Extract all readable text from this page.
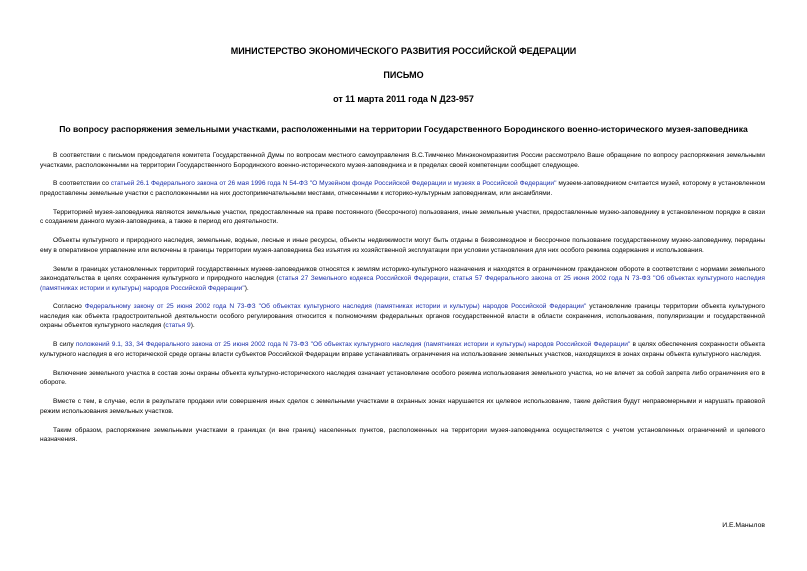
МИНИСТЕРСТВО ЭКОНОМИЧЕСКОГО РАЗВИТИЯ РОССИЙСКОЙ ФЕДЕРАЦИИ
ПИСЬМО
от 11 марта 2011 года N Д23-957
По вопросу распоряжения земельными участками, расположенными на территории Государственного Бородинского военно-исторического музея-заповедника

В соответствии с письмом председателя комитета Государственной Думы по вопросам местного самоуправления В.С.Тимченко Минэкономразвития России рассмотрело Ваше обращение по вопросу распоряжения земельными участками, расположенными на территории Государственного Бородинского военно-исторического музея-заповедника и в пределах своей компетенции сообщает следующее.

В соответствии со статьей 26.1 Федерального закона от 26 мая 1996 года N 54-ФЗ "О Музейном фонде Российской Федерации и музеях в Российской Федерации" музеем-заповедником считается музей, которому в установленном предоставлены земельные участки с расположенными на них достопримечательными местами, отнесенными к историко-культурным заповедникам, или ансамблями.

Территорией музея-заповедника являются земельные участки, предоставленные на праве постоянного (бессрочного) пользования, иные земельные участки, предоставленные музею-заповеднику в установленном порядке в связи с созданием данного музея-заповедника, а также в период его деятельности.

Объекты культурного и природного наследия, земельные, водные, лесные и иные ресурсы, объекты недвижимости могут быть отданы в безвозмездное и бессрочное пользование государственному музею-заповеднику, переданы ему в оперативное управление или включены в границы территории музея-заповедника без изъятия из хозяйственной эксплуатации при условии установления для них особого режима содержания и использования.

Земли в границах установленных территорий государственных музеев-заповедников относятся к землям историко-культурного назначения и находятся в ограниченном гражданском обороте в соответствии с нормами земельного законодательства в целях сохранения культурного и природного наследия (статья 27 Земельного кодекса Российской Федерации, статья 57 Федерального закона от 25 июня 2002 года N 73-ФЗ "Об объектах культурного наследия (памятниках истории и культуры) народов Российской Федерации").

Согласно Федеральному закону от 25 июня 2002 года N 73-ФЗ "Об объектах культурного наследия (памятниках истории и культуры) народов Российской Федерации" установление границы территории объекта культурного наследия как объекта градостроительной деятельности особого регулирования относится к полномочиям федеральных органов государственной власти в области сохранения, использования, популяризации и государственной охраны объектов культурного наследия (статья 9).

В силу положений 9.1, 33, 34 Федерального закона от 25 июня 2002 года N 73-ФЗ "Об объектах культурного наследия (памятниках истории и культуры) народов Российской Федерации" в целях обеспечения сохранности объекта культурного наследия в его исторической среде органы власти субъектов Российской Федерации вправе устанавливать ограничения на использование земельных участков, находящихся в зонах охраны объекта культурного наследия.

Включение земельного участка в состав зоны охраны объекта культурно-исторического наследия означает установление особого режима использования земельного участка, но не влечет за собой запрета либо ограничения его в обороте.

Вместе с тем, в случае, если в результате продажи или совершения иных сделок с земельными участками в охранных зонах нарушается их целевое использование, такие действия будут неправомерными и нарушать правовой режим использования земельных участков.

Таким образом, распоряжение земельными участками в границах (и вне границ) населенных пунктов, расположенных на территории музея-заповедника осуществляется с учетом установленных ограничений и целевого назначения.

И.Е.Манылов
